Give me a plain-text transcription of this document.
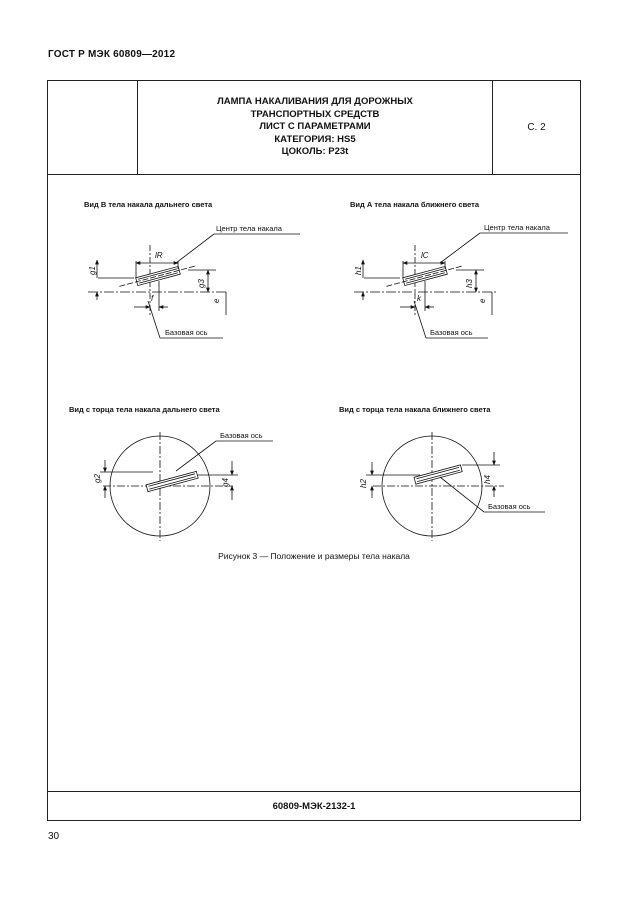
ГОСТ Р МЭК 60809—2012
ЛАМПА НАКАЛИВАНИЯ ДЛЯ ДОРОЖНЫХ
ТРАНСПОРТНЫХ СРЕДСТВ
ЛИСТ С ПАРАМЕТРАМИ
КАТЕГОРИЯ: HS5
ЦОКОЛЬ: P23t
С. 2
Вид В тела накала дальнего света
lR
g1
g3
f	e
Центр тела накала
Базовая ось
Вид А тела накала ближнего света
lC
h1
h3
k	e
Центр тела накала
Базовая ось
Вид с торца тела накала дальнего света
g2	g4
Базовая ось
Вид с торца тела накала ближнего света
h2	h4
Базовая ось
Рисунок 3 — Положение и размеры тела накала
60809-МЭК-2132-1
30
